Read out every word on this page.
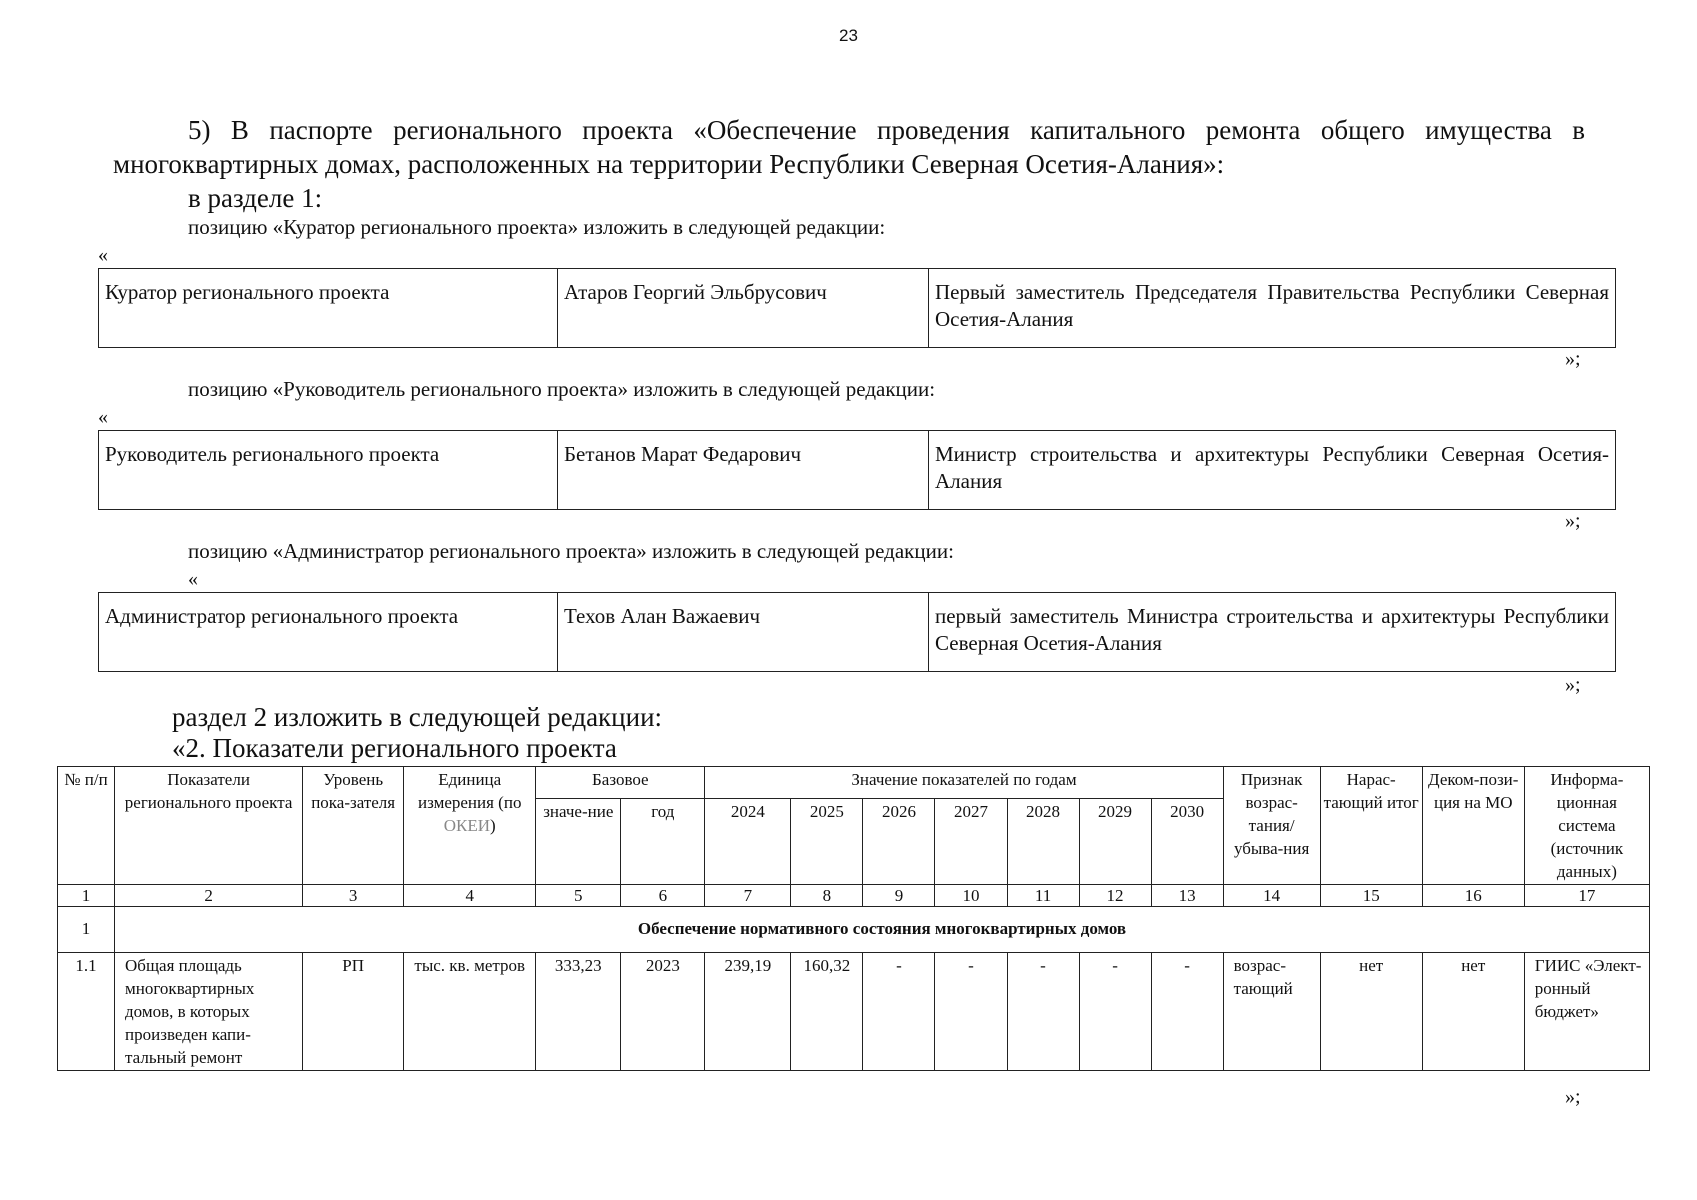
23
5) В паспорте регионального проекта «Обеспечение проведения капитального ремонта общего имущества в многоквартирных домах, расположенных на территории Республики Северная Осетия-Алания»:
в разделе 1:
позицию «Куратор регионального проекта» изложить в следующей редакции:
«
Куратор регионального проекта	Атаров Георгий Эльбрусович	Первый заместитель Председателя Правительства Республики Северная Осетия-Алания
»;
позицию «Руководитель регионального проекта» изложить в следующей редакции:
«
Руководитель регионального проекта	Бетанов Марат Федарович	Министр строительства и архитектуры Республики Северная Осетия-Алания
»;
позицию «Администратор регионального проекта» изложить в следующей редакции:
«
Администратор регионального проекта	Техов Алан Важаевич	первый заместитель Министра строительства и архитектуры Республики Северная Осетия-Алания
»;
раздел 2 изложить в следующей редакции:
«2. Показатели регионального проекта
№ п/п	Показатели регионального проекта	Уровень пока-зателя	Единица измерения (по ОКЕИ)	Базовое		Значение показателей по годам							Признак возрас-тания/ убыва-ния	Нарас-тающий итог	Деком-пози-ция на МО	Информа-ционная система (источник данных)
				значе-ние	год	2024	2025	2026	2027	2028	2029	2030				
1	2	3	4	5	6	7	8	9	10	11	12	13	14	15	16	17
1	Обеспечение нормативного состояния многоквартирных домов															
1.1	Общая площадь многоквартирных домов, в которых произведен капи-тальный ремонт	РП	тыс. кв. метров	333,23	2023	239,19	160,32	-	-	-	-	-	возрас-тающий	нет	нет	ГИИС «Элект-ронный бюджет»
»;
